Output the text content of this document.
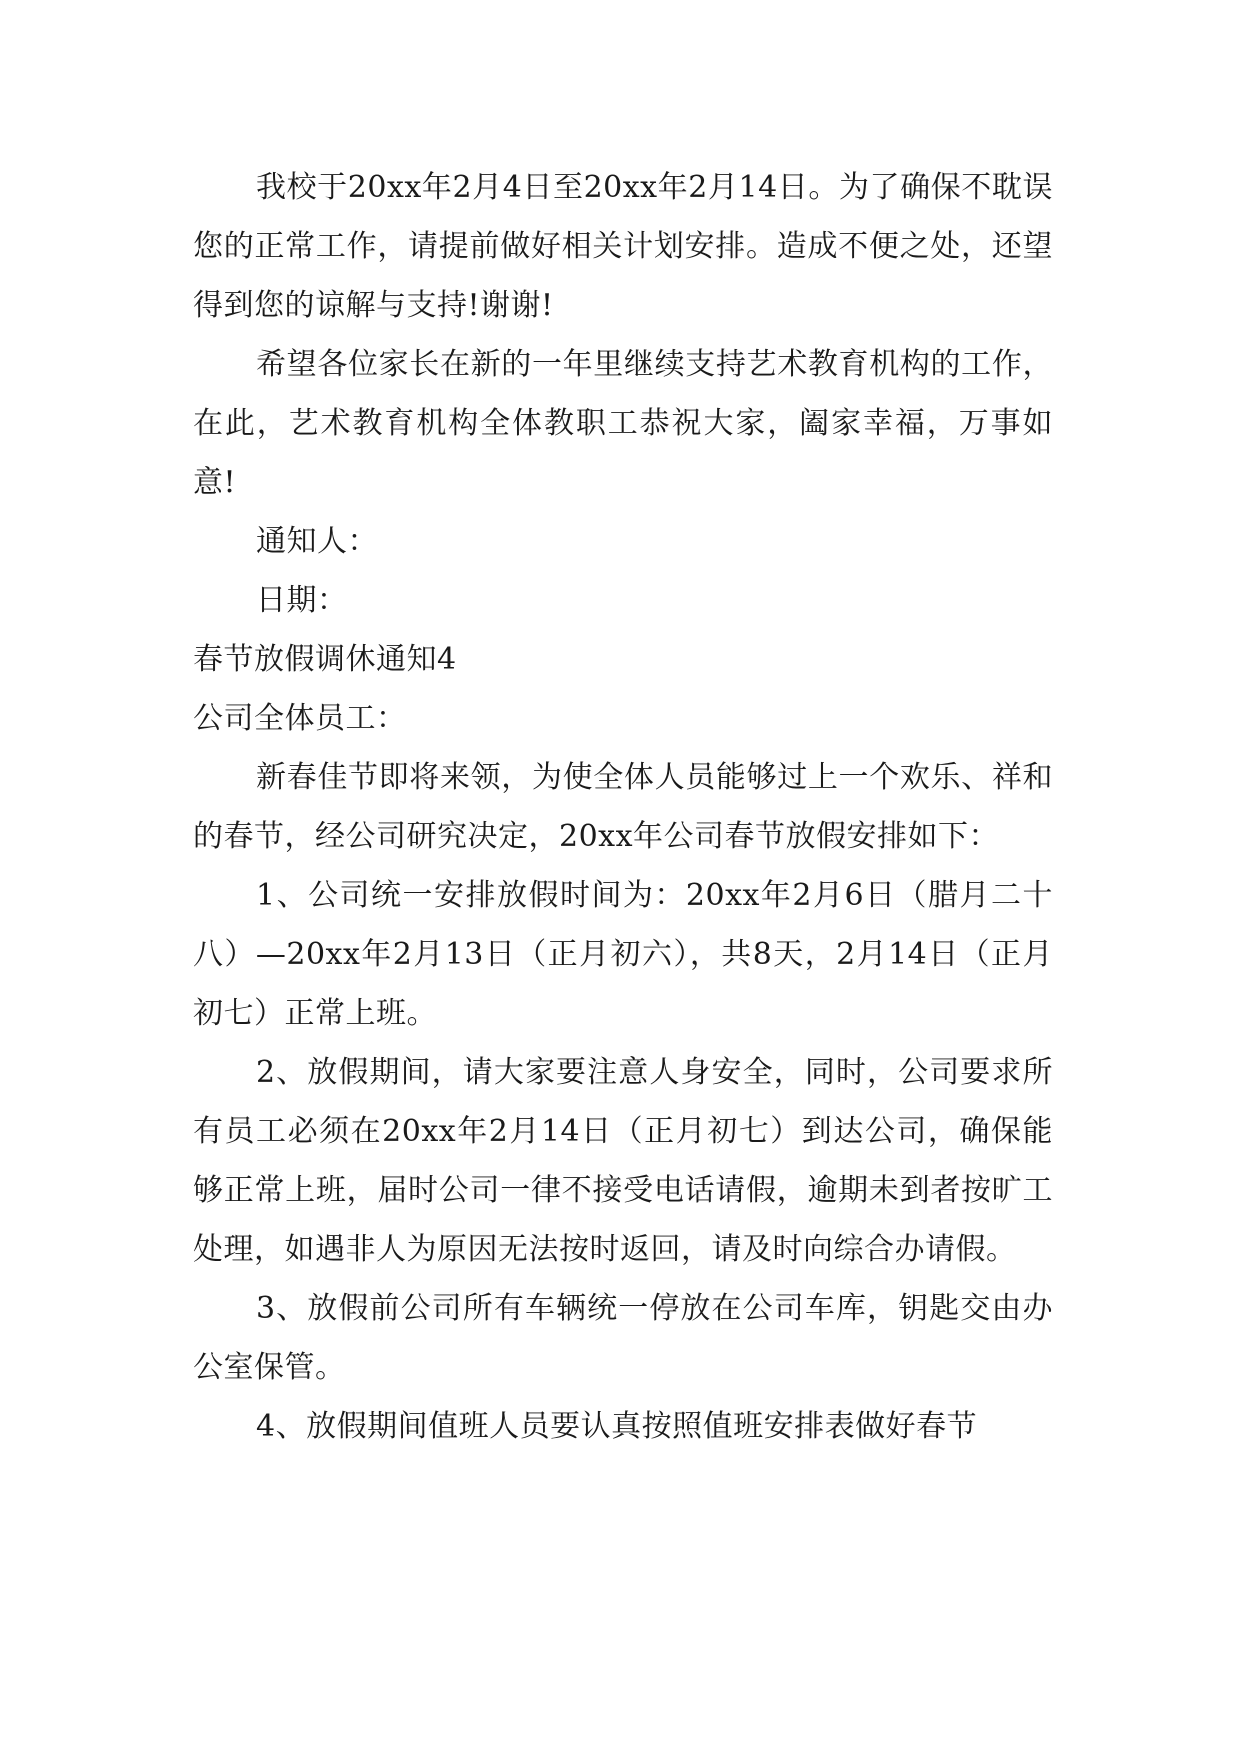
我校于20xx年2月4日至20xx年2月14日。为了确保不耽误您的正常工作，请提前做好相关计划安排。造成不便之处，还望得到您的谅解与支持!谢谢!

希望各位家长在新的一年里继续支持艺术教育机构的工作，在此，艺术教育机构全体教职工恭祝大家，阖家幸福，万事如意!

通知人：

日期：

春节放假调休通知4

公司全体员工：

新春佳节即将来领，为使全体人员能够过上一个欢乐、祥和的春节，经公司研究决定，20xx年公司春节放假安排如下：

1、公司统一安排放假时间为：20xx年2月6日（腊月二十八）—20xx年2月13日（正月初六），共8天，2月14日（正月初七）正常上班。

2、放假期间，请大家要注意人身安全，同时，公司要求所有员工必须在20xx年2月14日（正月初七）到达公司，确保能够正常上班，届时公司一律不接受电话请假，逾期未到者按旷工处理，如遇非人为原因无法按时返回，请及时向综合办请假。

3、放假前公司所有车辆统一停放在公司车库，钥匙交由办公室保管。

4、放假期间值班人员要认真按照值班安排表做好春节
